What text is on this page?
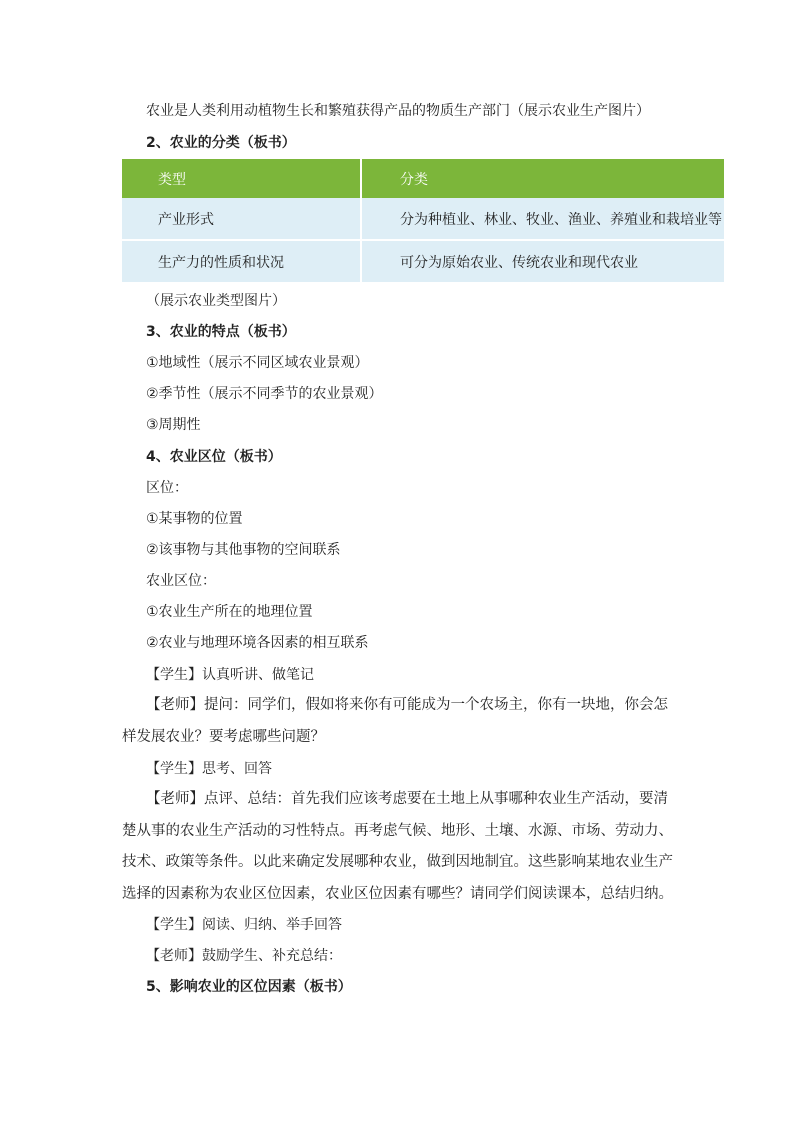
农业是人类利用动植物生长和繁殖获得产品的物质生产部门（展示农业生产图片）
2、农业的分类（板书）
类型	分类
产业形式	分为种植业、林业、牧业、渔业、养殖业和栽培业等
生产力的性质和状况	可分为原始农业、传统农业和现代农业
（展示农业类型图片）
3、农业的特点（板书）
①地域性（展示不同区域农业景观）
②季节性（展示不同季节的农业景观）
③周期性
4、农业区位（板书）
区位：
①某事物的位置
②该事物与其他事物的空间联系
农业区位：
①农业生产所在的地理位置
②农业与地理环境各因素的相互联系
【学生】认真听讲、做笔记
【老师】提问：同学们，假如将来你有可能成为一个农场主，你有一块地，你会怎样发展农业？要考虑哪些问题？
【学生】思考、回答
【老师】点评、总结：首先我们应该考虑要在土地上从事哪种农业生产活动，要清楚从事的农业生产活动的习性特点。再考虑气候、地形、土壤、水源、市场、劳动力、技术、政策等条件。以此来确定发展哪种农业，做到因地制宜。这些影响某地农业生产选择的因素称为农业区位因素，农业区位因素有哪些？请同学们阅读课本，总结归纳。
【学生】阅读、归纳、举手回答
【老师】鼓励学生、补充总结：
5、影响农业的区位因素（板书）
